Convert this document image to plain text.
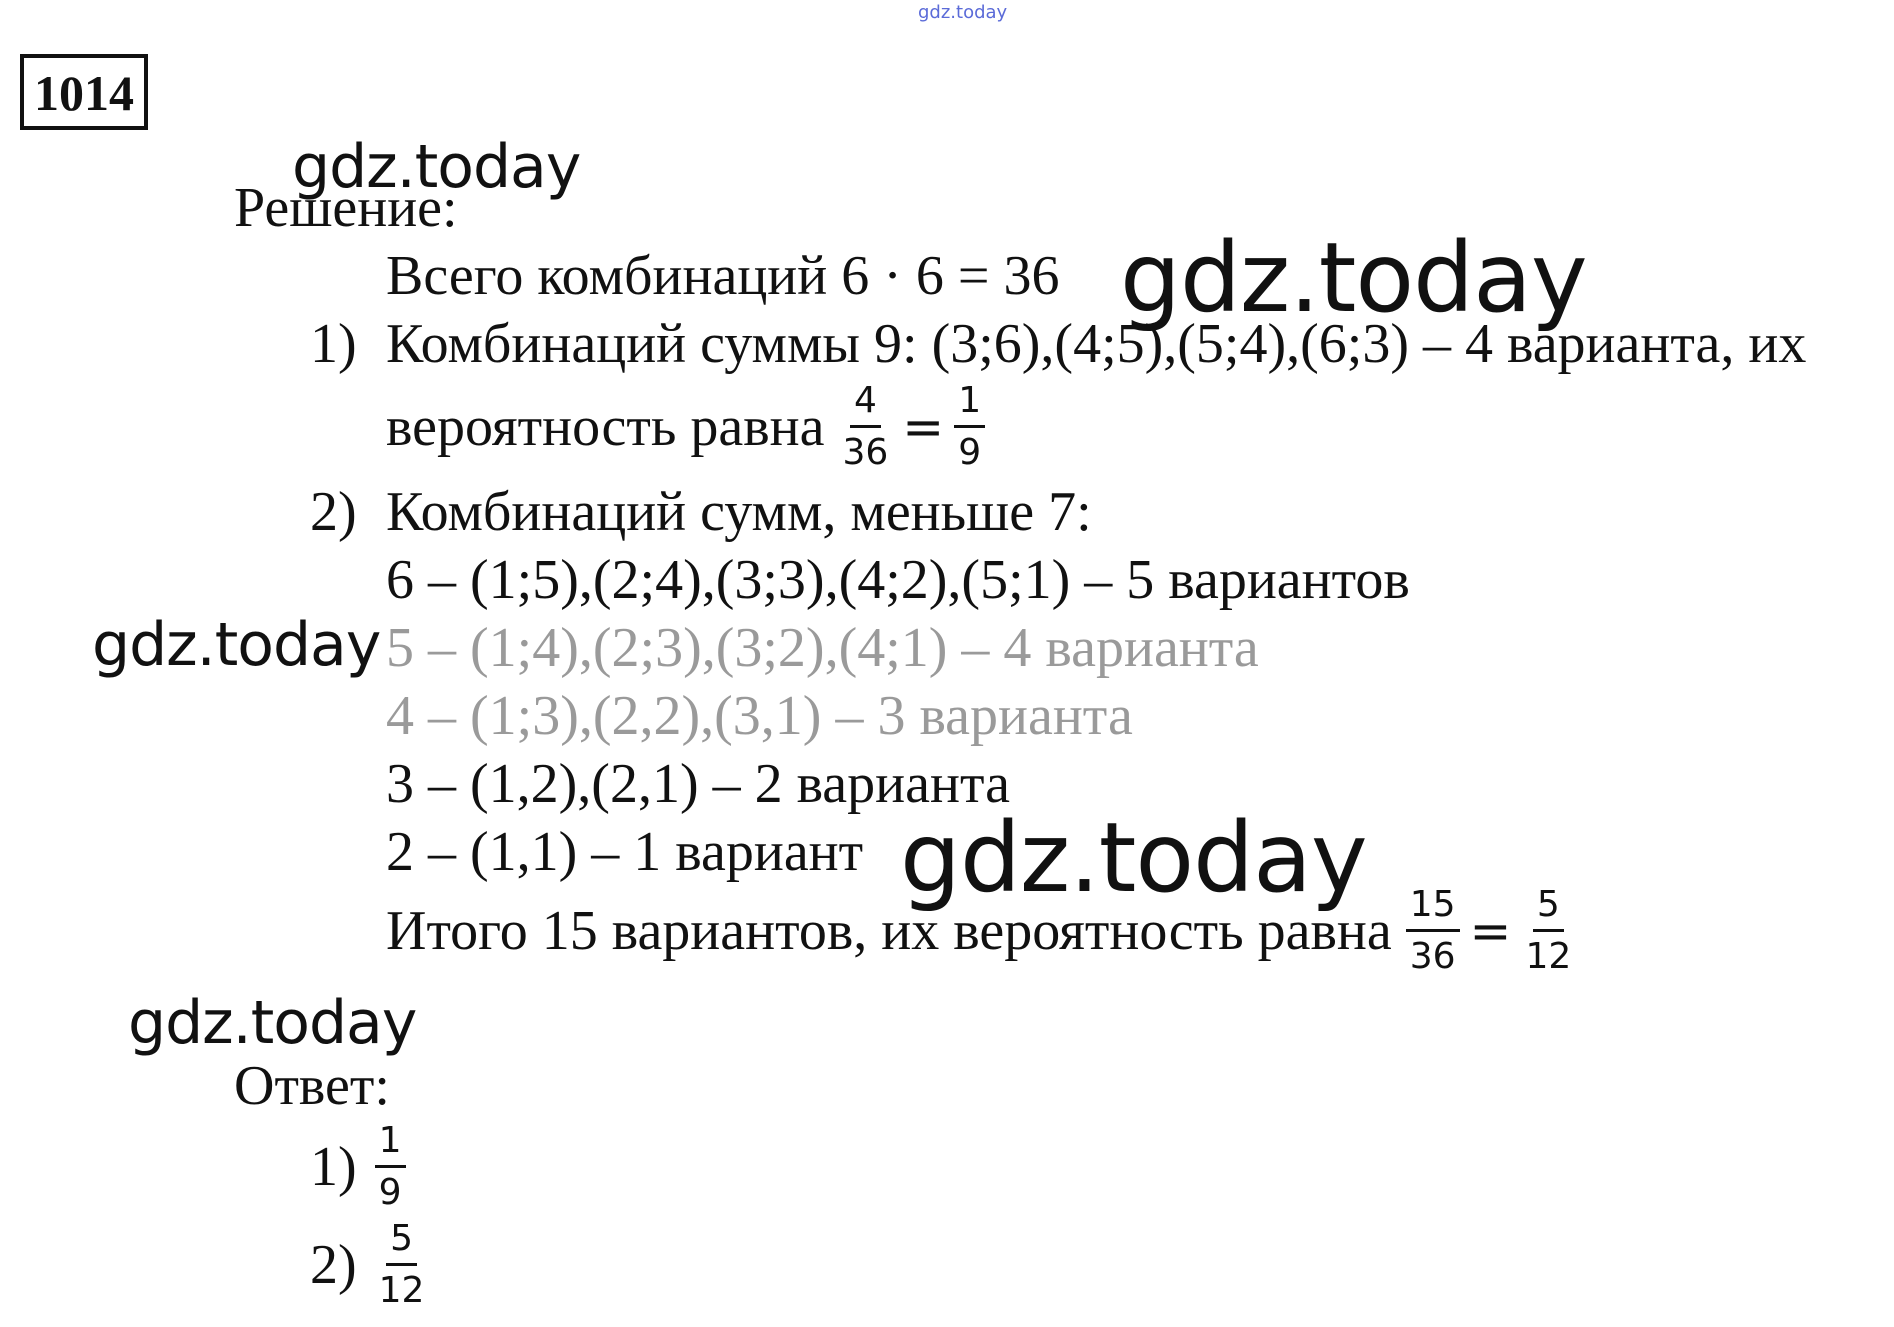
gdz.today
1014
gdz.today
gdz.today
gdz.today
gdz.today
gdz.today
Решение:
Всего комбинаций 6 · 6 = 36
1) Комбинаций суммы 9: (3;6),(4;5),(5;4),(6;3) – 4 варианта, их
вероятность равна $\frac{4}{36} = \frac{1}{9}$
2) Комбинаций сумм, меньше 7:
6 – (1;5),(2;4),(3;3),(4;2),(5;1) – 5 вариантов
5 – (1;4),(2;3),(3;2),(4;1) – 4 варианта
4 – (1;3),(2,2),(3,1) – 3 варианта
3 – (1,2),(2,1) – 2 варианта
2 – (1,1) – 1 вариант
Итого 15 вариантов, их вероятность равна $\frac{15}{36} = \frac{5}{12}$
Ответ:
$1) \frac{1}{9}$
$2) \frac{5}{12}$
